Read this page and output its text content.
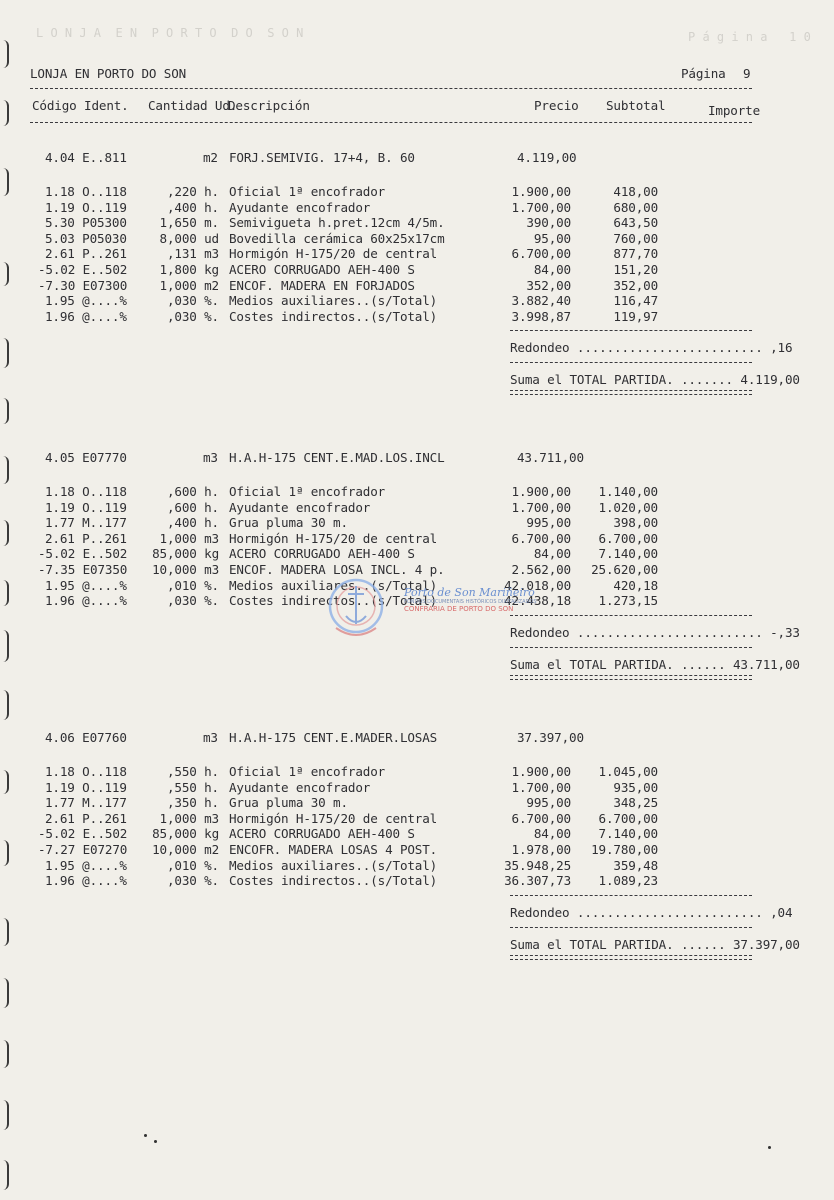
L O N J A  E N  P O R T O  D O  S O N	P á g i n a   1 0
LONJA EN PORTO DO SON	Página 9
Código Ident. Cantidad Ud.
Descripción	Precio Subtotal	Importe
4.04 E..811	m2 FORJ.SEMIVIG. 17+4, B. 60	4.119,00
1.18 O..118	,220 h. Oficial 1ª encofrador	1.900,00	418,00
1.19 O..119	,400 h. Ayudante encofrador	1.700,00	680,00
5.30 P05300	1,650 m. Semivigueta h.pret.12cm 4/5m.	390,00	643,50
5.03 P05030	8,000 ud Bovedilla cerámica 60x25x17cm	95,00	760,00
2.61 P..261	,131 m3 Hormigón H-175/20 de central	6.700,00	877,70
-5.02 E..502	1,800 kg ACERO CORRUGADO AEH-400 S	84,00	151,20
-7.30 E07300	1,000 m2 ENCOF. MADERA EN FORJADOS	352,00	352,00
1.95 @....%	,030 %. Medios auxiliares..(s/Total)	3.882,40	116,47
1.96 @....%	,030 %. Costes indirectos..(s/Total)	3.998,87	119,97
Redondeo ......................... ,16
Suma el TOTAL PARTIDA. ....... 4.119,00
4.05 E07770	m3 H.A.H-175 CENT.E.MAD.LOS.INCL	43.711,00
1.18 O..118	,600 h. Oficial 1ª encofrador	1.900,00 1.140,00
1.19 O..119	,600 h. Ayudante encofrador	1.700,00 1.020,00
1.77 M..177	,400 h. Grua pluma 30 m.	995,00	398,00
2.61 P..261	1,000 m3 Hormigón H-175/20 de central	6.700,00 6.700,00
-5.02 E..502 85,000 kg ACERO CORRUGADO AEH-400 S	84,00 7.140,00
-7.35 E07350 10,000 m3 ENCOF. MADERA LOSA INCL. 4 p.	2.562,00 25.620,00
1.95 @....%	,010 %. Medios auxiliares..(s/Total)	42.018,00	420,18
1.96 @....%	,030 %. Costes indirectos..(s/Total)	42.438,18 1.273,15
Redondeo ......................... -,33
Suma el TOTAL PARTIDA. ...... 43.711,00
4.06 E07760	m3 H.A.H-175 CENT.E.MADER.LOSAS	37.397,00
1.18 O..118	,550 h. Oficial 1ª encofrador	1.900,00 1.045,00
1.19 O..119	,550 h. Ayudante encofrador	1.700,00	935,00
1.77 M..177	,350 h. Grua pluma 30 m.	995,00	348,25
2.61 P..261	1,000 m3 Hormigón H-175/20 de central	6.700,00 6.700,00
-5.02 E..502 85,000 kg ACERO CORRUGADO AEH-400 S	84,00 7.140,00
-7.27 E07270 10,000 m2 ENCOFR. MADERA LOSAS 4 POST.	1.978,00 19.780,00
1.95 @....%	,010 %. Medios auxiliares..(s/Total)	35.948,25	359,48
1.96 @....%	,030 %. Costes indirectos..(s/Total)	36.307,73 1.089,23
Redondeo ......................... ,04
Suma el TOTAL PARTIDA. ...... 37.397,00
Porto de Son Mariñeiro
FONDOS DOCUMENTAIS HISTÓRICOS DIXITALIZADOS
CONFRARIA DE PORTO DO SON
